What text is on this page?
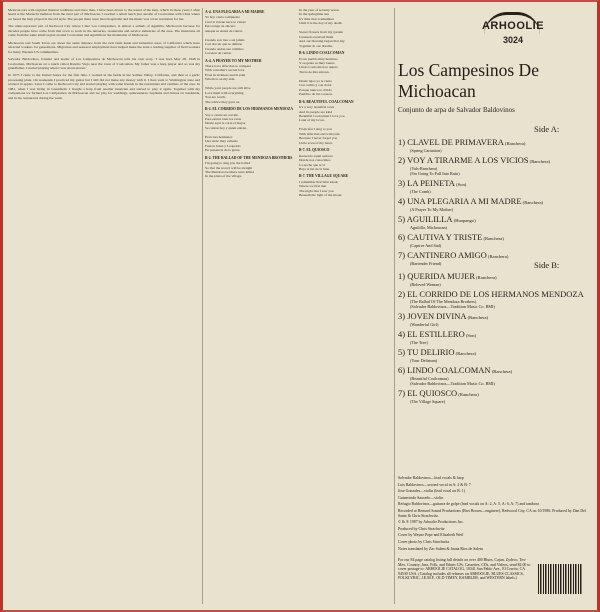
Mexican ears with regional musical traditions and since then, I have been drawn to the sound of the harp, which in those years I often heard at the Mariachi tradition from the rural part of Michoacan. I reached a small ranch just outside of Coalcoman with Chris where we heard the harp played in the old style. The people there were most hospitable and the music was a true revelation for me.

The unincorporated part of Redwood City where I met Los Campesinos, is almost a suburb of Aguililla, Michoacan because for decades people have come from that town to work in the nurseries, restaurants and service industries of the area. The musicians all come from the same small region around Coalcoman and Aguililla in the mountains of Michoacan.

Michoacan and South Texas are about the same distance from the rich farm lands and industrial areas of California which have attracted workers for generations. Migration and seasonal employment have helped make the state a leading supplier of field workers for many Western US communities.

Salvador Baldovinos, founder and leader of Los Campesinos de Michoacan tells his own story. 'I was born May 28, 1948 in Coalcoman, Michoacan on a ranch called Rancho Viejo near the town of Coalcoman. My father was a harp player and so was my grandfather. I started playing when I was about eleven.'

In 1973 I came to the United States for the first time. I worked in the fields in the Salinas Valley, California, and then at a garlic processing plant. On weekends I practiced my guitar but I still did not make any money with it. I then went to Washington state and worked in apples. Later I came to Redwood City and started playing with some friends in the restaurants and cantinas of the area. In 1981, when I was living in Greenfield, I bought a harp from another musician and started to play it again. Together with my companions we formed Los Campesinos de Michoacan and we play for weddings, quinceaneras, baptisms and dances on weekends, and in the restaurants during the week.

A-4. UNA PLEGARIA A MI MADRE
Yo hoy canto compuesto
Cual si aviene nece te vienes
Pero tengo su sincero
aunque se sienta de cantar.

Cuando son tres o así jamás
Con dos un que se dalinas
Cuando andan sus caminos
Corazon de cantar.
A-4. A PRAYER TO MY MOTHER
There is no affection to compare
With a mother's sacred love
Even in sickness and in pain
Whom is on my side.

While your people are still alive
Love them with everything
You are worth.
The advice they gave us.
B-2. EL CORRIDO DE LOS HERMANOS MENDOZA
Voy a cantar un corrido
Para estuve bien los raras
Desde aquí te corte el mayor
Se cantan hoy y quien entran.

Eran tres hermanos
Una tarde muy caliente
Fueron Jesus y Leopoldo
En presencia de la gente.
B-2. THE BALLAD OF THE MENDOZA BROTHERS
I'm going to sing you the ballad
So that the record will be straight
The Mendoza brothers were killed
In the plaza of the village.
In the year of seventy seven
In the springtime sun
It's time that I remember
Until it is the day of my death.

Sweet flowers from my garden
Consuelo received them
And our blessing began that day
Together in our dreams.
B-6. LINDO COALCOMAN
Es un pueblo muy hermoso
Y su gente es muy buena
Lindo Coalcoman te quiero
Tierra de mis amores.

Desde lejos yo te canto
Con cariño y con dolor
Porque nunca te olvido
Pueblito de mi corazon.
B-6. BEAUTIFUL COALCOMAN
It's a very beautiful town
And its people are kind
Beautiful Coalcoman I love you
Land of my loves.

From afar I sing to you
With affection and with pain
Because I never forget you
Little town of my heart.
B-7. EL QUIOSCO
Recuerdo aquel quiosco
Donde nos conocimos
La noche que te vi
Bajo la luz de la luna.
B-7. THE VILLAGE SQUARE
I remember that little kiosk
Where we first met
The night that I saw you
Beneath the light of the moon.
ARHOOLIE
3024
Los Campesinos De Michoacan
Conjunto de arpa de Salvador Baldovinos
Side A:
1) CLAVEL DE PRIMAVERA (Ranchera)
(Spring Carnation)
2) VOY A TIRARME A LOS VICIOS (Ranchera)
(Vals-Ranchera)
(I'm Going To Fall Into Ruin)
3) LA PEINETA (Son)
(The Comb)
4) UNA PLEGARIA A MI MADRE (Ranchera)
(A Prayer To My Mother)
5) AGUILILLA (Huapango)
Aguililla, Michoacan)
6) CAUTIVA Y TRISTE (Ranchera)
(Captive And Sad)
7) CANTINERO AMIGO (Ranchera)
(Bartender Friend)	Side B:
1) QUERIDA MUJER (Ranchera)
(Beloved Woman)
2) EL CORRIDO DE LOS HERMANOS MENDOZA
(The Ballad Of The Mendoza Brothers)
(Salvador Baldovinos—Tradition Music Co. BMI)
3) JOVEN DIVINA (Ranchera)
(Wonderful Girl)
4) EL ESTILLERO (Son)
(The Tree)
5) TU DELIRIO (Ranchera)
(Your Delirium)
6) LINDO COALCOMAN (Ranchera)
(Beautiful Coalcoman)
(Salvador Baldovinos—Tradition Music Co. BMI)
7) EL QUIOSCO (Ranchera)
(The Village Square)

Salvador Baldovinos—lead vocals & harp

Luis Baldovinos—second vocal in A: 2 & B: 7

Jose Gonzales—violin (lead vocal on B: 1)

Guinecindo Saucedo—violin

Refugio Baldovinos—guitarra de golpe (lead vocals on A: 2, A: 5, A: 6, A: 7) and tambora

Recorded at Bernard Sound Productions (Bret Brown—engineer), Redwood City, CA on 10/1986. Produced by Dan Del Santo & Chris Strachwitz.

© & ® 1987 by Arhoolie Productions Inc.

Produced by Chris Strachwitz

Cover by Wayne Pope and Elizabeth Weil

Cover photo by Chris Strachwitz

Notes translated by Zac Salem & Juana Rios de Salem

For our 84 page catalog listing full details on over 400 Blues, Cajun, Zydeco, Tex-Mex, Country, Jazz, Folk, and Ethnic LPs, Cassettes, CDs, and Videos, send $2.00 to cover postage to: ARHOOLIE CATALOG, 10341 San Pablo Ave., El Cerrito, CA 94530 USA. (Catalog includes all releases on ARHOOLIE, BLUES CLASSICS, FOLKLYRIC, J.E.M.F., OLD TIMEY, RAMBLER, and WESTERN labels.)
